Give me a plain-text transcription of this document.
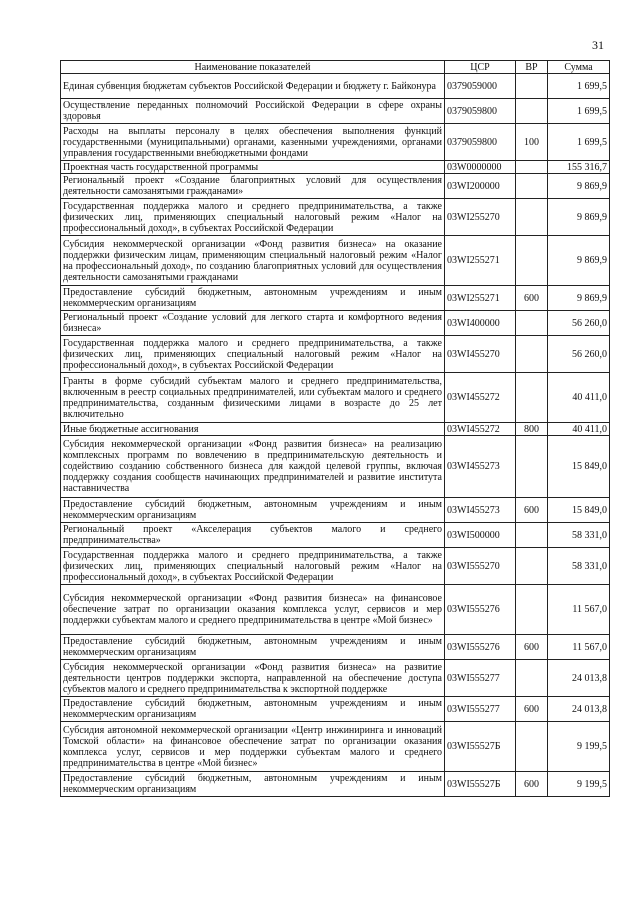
31
Наименование показателей	ЦСР	ВР	Сумма
Единая субвенция бюджетам субъектов Российской Федерации и бюджету г. Байконура	0379059000		1 699,5
Осуществление переданных полномочий Российской Федерации в сфере охраны здоровья	0379059800		1 699,5
Расходы на выплаты персоналу в целях обеспечения выполнения функций государственными (муниципальными) органами, казенными учреждениями, органами управления государственными внебюджетными фондами	0379059800	100	1 699,5
Проектная часть государственной программы	03W0000000		155 316,7
Региональный проект «Создание благоприятных условий для осуществления деятельности самозанятыми гражданами»	03WI200000		9 869,9
Государственная поддержка малого и среднего предпринимательства, а также физических лиц, применяющих специальный налоговый режим «Налог на профессиональный доход», в субъектах Российской Федерации	03WI255270		9 869,9
Субсидия некоммерческой организации «Фонд развития бизнеса» на оказание поддержки физическим лицам, применяющим специальный налоговый режим «Налог на профессиональный доход», по созданию благоприятных условий для осуществления деятельности самозанятыми гражданами	03WI255271		9 869,9
Предоставление субсидий бюджетным, автономным учреждениям и иным некоммерческим организациям	03WI255271	600	9 869,9
Региональный проект «Создание условий для легкого старта и комфортного ведения бизнеса»	03WI400000		56 260,0
Государственная поддержка малого и среднего предпринимательства, а также физических лиц, применяющих специальный налоговый режим «Налог на профессиональный доход», в субъектах Российской Федерации	03WI455270		56 260,0
Гранты в форме субсидий субъектам малого и среднего предпринимательства, включенным в реестр социальных предпринимателей, или субъектам малого и среднего предпринимательства, созданным физическими лицами в возрасте до 25 лет включительно	03WI455272		40 411,0
Иные бюджетные ассигнования	03WI455272	800	40 411,0
Субсидия некоммерческой организации «Фонд развития бизнеса» на реализацию комплексных программ по вовлечению в предпринимательскую деятельность и содействию созданию собственного бизнеса для каждой целевой группы, включая поддержку создания сообществ начинающих предпринимателей и развитие института наставничества	03WI455273		15 849,0
Предоставление субсидий бюджетным, автономным учреждениям и иным некоммерческим организациям	03WI455273	600	15 849,0
Региональный проект «Акселерация субъектов малого и среднего предпринимательства»	03WI500000		58 331,0
Государственная поддержка малого и среднего предпринимательства, а также физических лиц, применяющих специальный налоговый режим «Налог на профессиональный доход», в субъектах Российской Федерации	03WI555270		58 331,0
Субсидия некоммерческой организации «Фонд развития бизнеса» на финансовое обеспечение затрат по организации оказания комплекса услуг, сервисов и мер поддержки субъектам малого и среднего предпринимательства в центре «Мой бизнес»	03WI555276		11 567,0
Предоставление субсидий бюджетным, автономным учреждениям и иным некоммерческим организациям	03WI555276	600	11 567,0
Субсидия некоммерческой организации «Фонд развития бизнеса» на развитие деятельности центров поддержки экспорта, направленной на обеспечение доступа субъектов малого и среднего предпринимательства к экспортной поддержке	03WI555277		24 013,8
Предоставление субсидий бюджетным, автономным учреждениям и иным некоммерческим организациям	03WI555277	600	24 013,8
Субсидия автономной некоммерческой организации «Центр инжиниринга и инноваций Томской области» на финансовое обеспечение затрат по организации оказания комплекса услуг, сервисов и мер поддержки субъектам малого и среднего предпринимательства в центре «Мой бизнес»	03WI55527Б		9 199,5
Предоставление субсидий бюджетным, автономным учреждениям и иным некоммерческим организациям	03WI55527Б	600	9 199,5
